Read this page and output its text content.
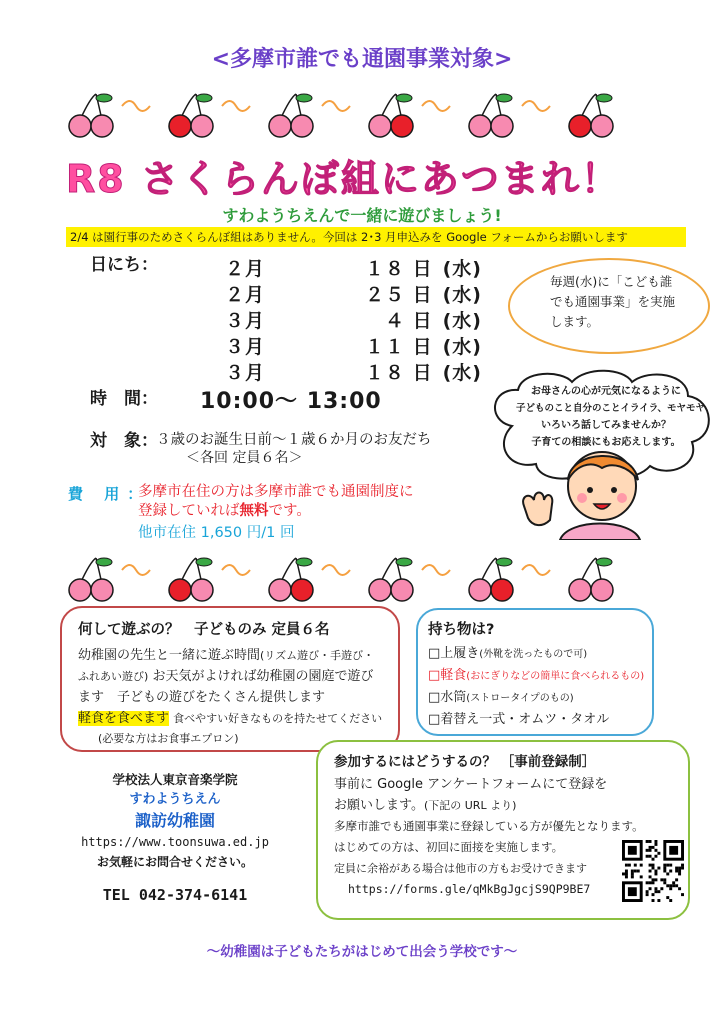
<多摩市誰でも通園事業対象>
R8 さくらんぼ組にあつまれ！
すわようちえんで一緒に遊びましょう!
2/4 は園行事のためさくらんぼ組はありません。今回は 2･3 月申込みを Google フォームからお願いします
日にち：	２月	１８ 日 (水)
２月	２５ 日 (水)
３月	４ 日 (水)
３月	１１ 日 (水)
３月	１８ 日 (水)
時　間： 10:00～ 13:00
対　象：
３歳のお誕生日前～１歳６か月のお友だち
＜各回 定員６名＞
毎週(水)に「こども誰でも通園事業」を実施します。
お母さんの心が元気になるように
子どものこと自分のことイライラ、モヤモヤ
いろいろ話してみませんか？
子育ての相談にもお応えします。
費 用：
多摩市在住の方は多摩市誰でも通園制度に
登録していれば無料です。
他市在住 1,650 円/1 回
何して遊ぶの？　子どものみ 定員６名
幼稚園の先生と一緒に遊ぶ時間(リズム遊び・手遊び・
ふれあい遊び) お天気がよければ幼稚園の園庭で遊び
ます　子どもの遊びをたくさん提供します
軽食を食べます 食べやすい好きなものを持たせてください
(必要な方はお食事エプロン)
持ち物は?
□上履き(外靴を洗ったもので可)
□軽食(おにぎりなどの簡単に食べられるもの)
□水筒(ストロータイプのもの)
□着替え一式・オムツ・タオル
参加するにはどうするの？ ［事前登録制］
事前に Google アンケートフォームにて登録を
お願いします。(下記の URL より)
多摩市誰でも通園事業に登録している方が優先となります。
はじめての方は、初回に面接を実施します。
定員に余裕がある場合は他市の方もお受けできます
https://forms.gle/qMkBgJgcjS9QP9BE7
学校法人東京音楽学院
すわようちえん
諏訪幼稚園
https://www.toonsuwa.ed.jp
お気軽にお問合せください。
TEL 042-374-6141
～幼稚園は子どもたちがはじめて出会う学校です～
